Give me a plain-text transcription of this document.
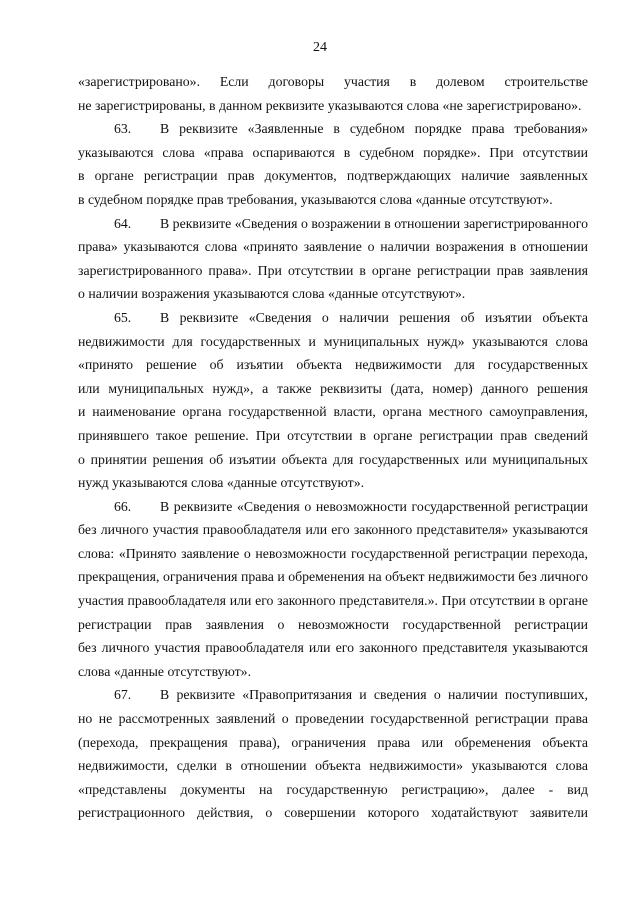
24
«зарегистрировано». Если договоры участия в долевом строительстве
не зарегистрированы, в данном реквизите указываются слова «не зарегистрировано».
63. В реквизите «Заявленные в судебном порядке права требования»
указываются слова «права оспариваются в судебном порядке». При отсутствии
в органе регистрации прав документов, подтверждающих наличие заявленных
в судебном порядке прав требования, указываются слова «данные отсутствуют».
64. В реквизите «Сведения о возражении в отношении зарегистрированного
права» указываются слова «принято заявление о наличии возражения в отношении
зарегистрированного права». При отсутствии в органе регистрации прав заявления
о наличии возражения указываются слова «данные отсутствуют».
65. В реквизите «Сведения о наличии решения об изъятии объекта
недвижимости для государственных и муниципальных нужд» указываются слова
«принято решение об изъятии объекта недвижимости для государственных
или муниципальных нужд», а также реквизиты (дата, номер) данного решения
и наименование органа государственной власти, органа местного самоуправления,
принявшего такое решение. При отсутствии в органе регистрации прав сведений
о принятии решения об изъятии объекта для государственных или муниципальных
нужд указываются слова «данные отсутствуют».
66. В реквизите «Сведения о невозможности государственной регистрации
без личного участия правообладателя или его законного представителя» указываются
слова: «Принято заявление о невозможности государственной регистрации перехода,
прекращения, ограничения права и обременения на объект недвижимости без личного
участия правообладателя или его законного представителя.». При отсутствии в органе
регистрации прав заявления о невозможности государственной регистрации
без личного участия правообладателя или его законного представителя указываются
слова «данные отсутствуют».
67. В реквизите «Правопритязания и сведения о наличии поступивших,
но не рассмотренных заявлений о проведении государственной регистрации права
(перехода, прекращения права), ограничения права или обременения объекта
недвижимости, сделки в отношении объекта недвижимости» указываются слова
«представлены документы на государственную регистрацию», далее - вид
регистрационного действия, о совершении которого ходатайствуют заявители
